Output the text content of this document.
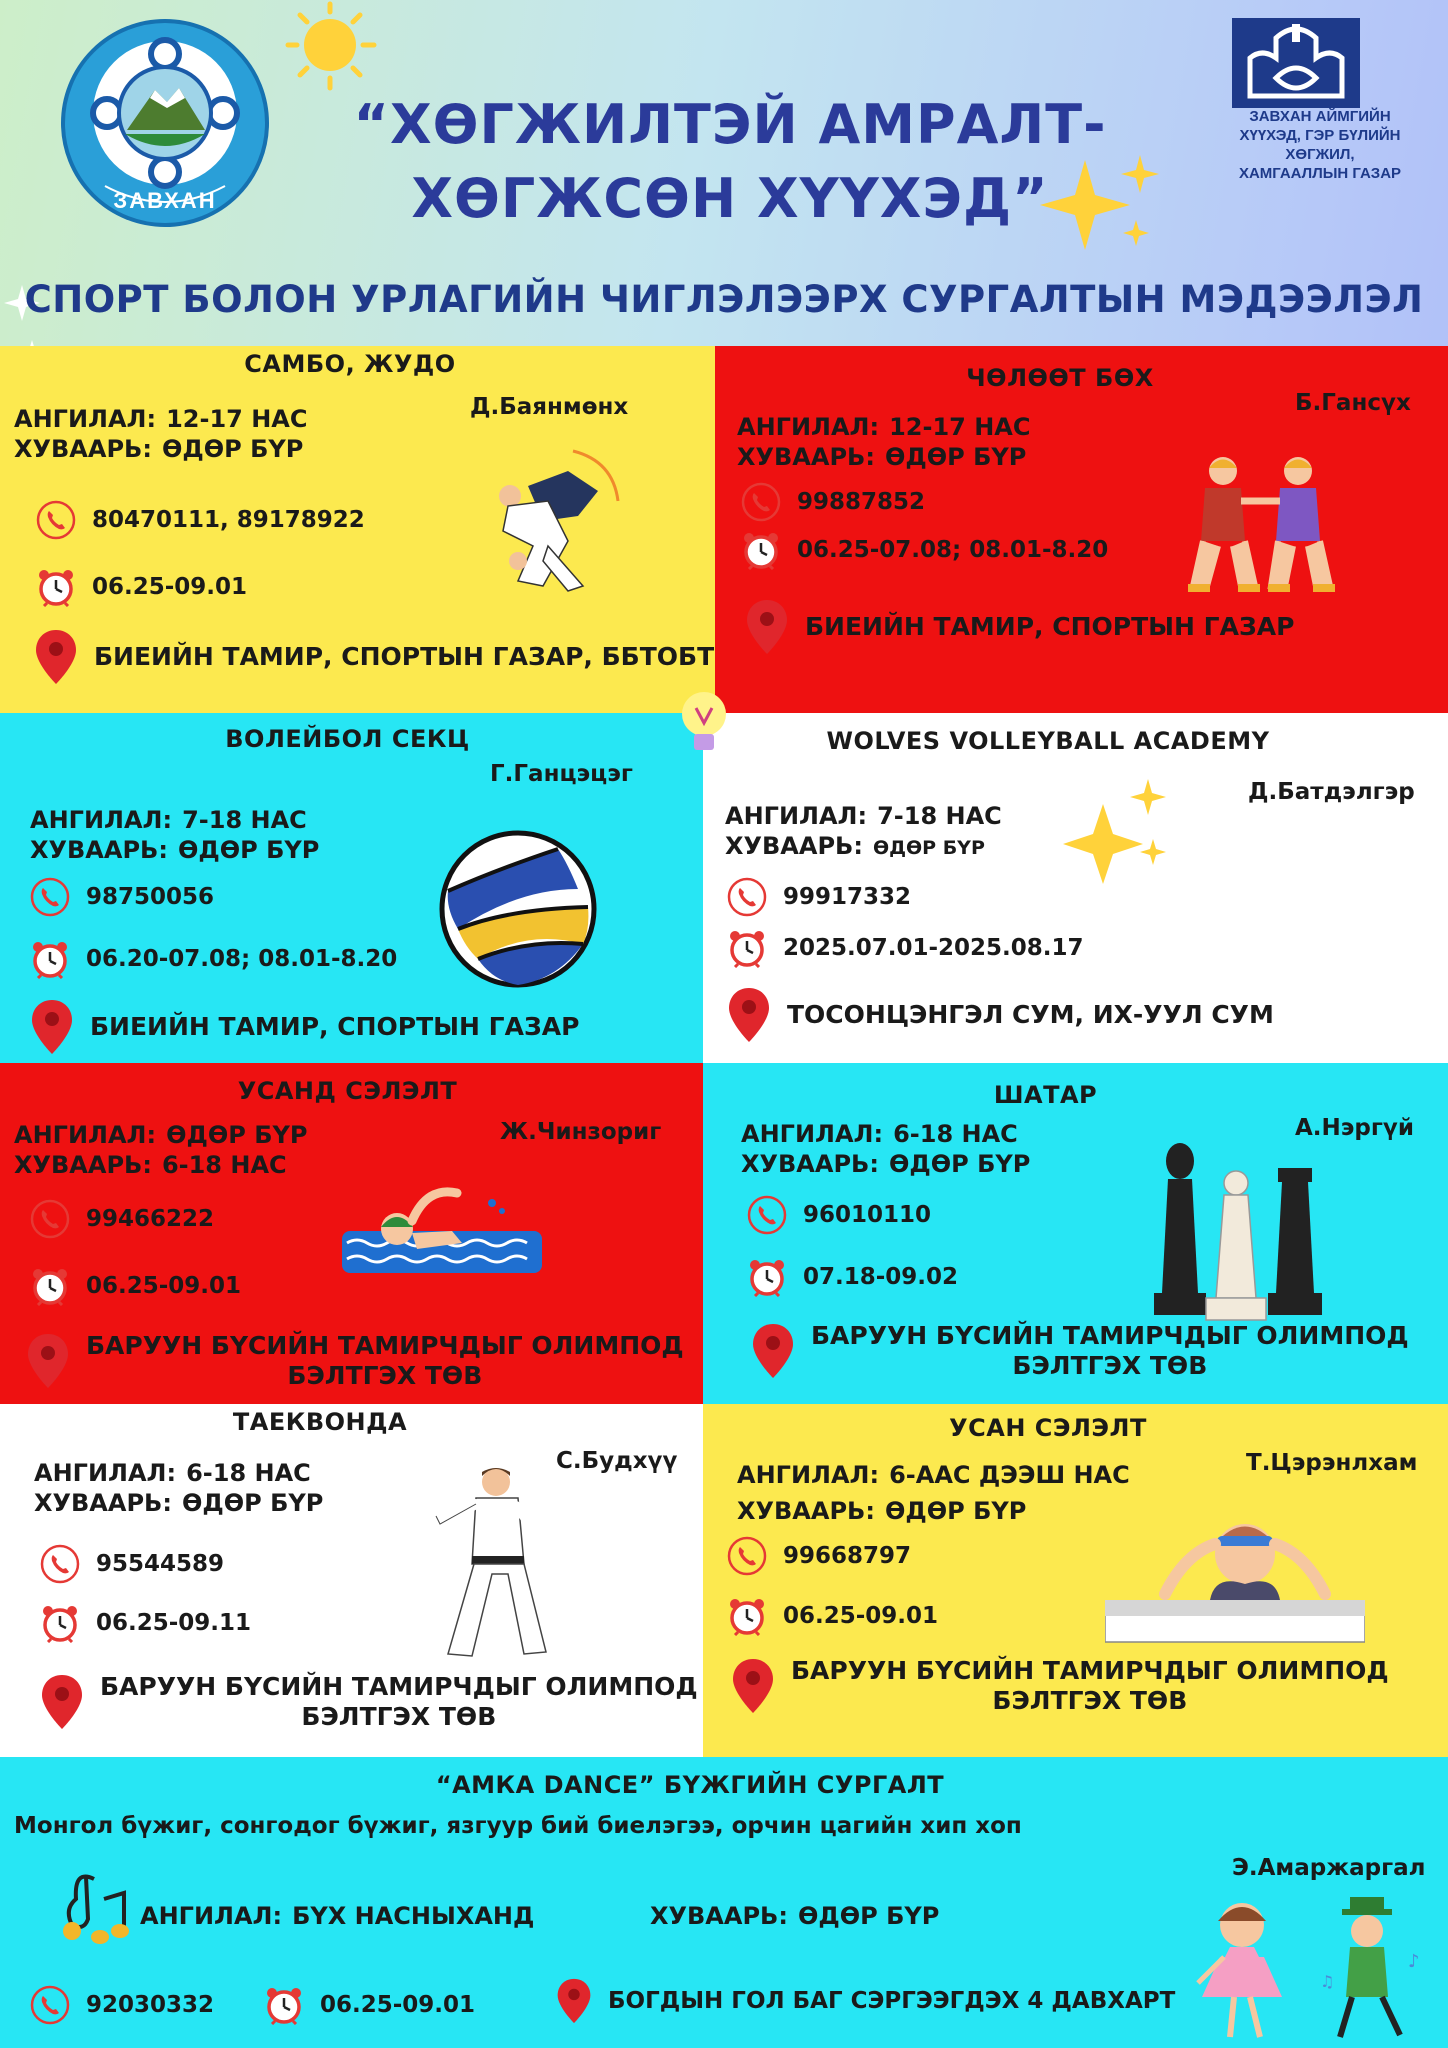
ЗАВХАН
“ХӨГЖИЛТЭЙ АМРАЛТ-
ХӨГЖСӨН ХҮҮХЭД”
ЗАВХАН АЙМГИЙН
ХҮҮХЭД, ГЭР БҮЛИЙН ХӨГЖИЛ,
ХАМГААЛЛЫН ГАЗАР
СПОРТ БОЛОН УРЛАГИЙН ЧИГЛЭЛЭЭРХ СУРГАЛТЫН МЭДЭЭЛЭЛ
САМБО, ЖУДО
Д.Баянмөнх
АНГИЛАЛ: 12-17 НАС
ХУВААРЬ: ӨДӨР БҮР
80470111, 89178922
06.25-09.01
БИЕИЙН ТАМИР, СПОРТЫН ГАЗАР, ББТОБТ
ЧӨЛӨӨТ БӨХ
Б.Гансүх
АНГИЛАЛ: 12-17 НАС
ХУВААРЬ: ӨДӨР БҮР
99887852
06.25-07.08; 08.01-8.20
БИЕИЙН ТАМИР, СПОРТЫН ГАЗАР
ВОЛЕЙБОЛ СЕКЦ
Г.Ганцэцэг
АНГИЛАЛ: 7-18 НАС
ХУВААРЬ: ӨДӨР БҮР
98750056
06.20-07.08; 08.01-8.20
БИЕИЙН ТАМИР, СПОРТЫН ГАЗАР
WOLVES VOLLEYBALL ACADEMY
Д.Батдэлгэр
АНГИЛАЛ: 7-18 НАС
ХУВААРЬ: ӨДӨР БҮР
99917332
2025.07.01-2025.08.17
ТОСОНЦЭНГЭЛ СУМ, ИХ-УУЛ СУМ
УСАНД СЭЛЭЛТ
Ж.Чинзориг
АНГИЛАЛ: ӨДӨР БҮР
ХУВААРЬ: 6-18 НАС
99466222
06.25-09.01
БАРУУН БҮСИЙН ТАМИРЧДЫГ ОЛИМПОД
БЭЛТГЭХ ТӨВ
ШАТАР
А.Нэргүй
АНГИЛАЛ: 6-18 НАС
ХУВААРЬ: ӨДӨР БҮР
96010110
07.18-09.02
БАРУУН БҮСИЙН ТАМИРЧДЫГ ОЛИМПОД
БЭЛТГЭХ ТӨВ
ТАЕКВОНДА
С.Будхүү
АНГИЛАЛ: 6-18 НАС
ХУВААРЬ: ӨДӨР БҮР
95544589
06.25-09.11
БАРУУН БҮСИЙН ТАМИРЧДЫГ ОЛИМПОД
БЭЛТГЭХ ТӨВ
УСАН СЭЛЭЛТ
Т.Цэрэнлхам
АНГИЛАЛ: 6-ААС ДЭЭШ НАС
ХУВААРЬ: ӨДӨР БҮР
99668797
06.25-09.01
БАРУУН БҮСИЙН ТАМИРЧДЫГ ОЛИМПОД
БЭЛТГЭХ ТӨВ
“АМКА DANCE” БҮЖГИЙН СУРГАЛТ
Монгол бүжиг, сонгодог бүжиг, язгуур бий биелэгээ, орчин цагийн хип хоп
Э.Амаржаргал
АНГИЛАЛ: БҮХ НАСНЫХАНД	ХУВААРЬ: ӨДӨР БҮР
92030332	06.25-09.01	БОГДЫН ГОЛ БАГ СЭРГЭЭГДЭХ 4 ДАВХАРТ
♪
♫
